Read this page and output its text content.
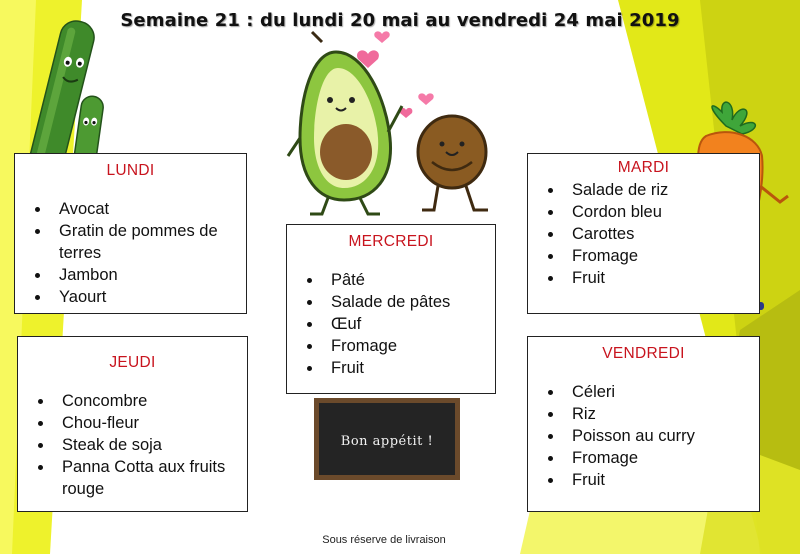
Semaine 21 : du lundi 20 mai au vendredi 24 mai 2019
LUNDI
• Avocat
• Gratin de pommes de terres
• Jambon
• Yaourt
MARDI
• Salade de riz
• Cordon bleu
• Carottes
• Fromage
• Fruit
MERCREDI
• Pâté
• Salade de pâtes
• Œuf
• Fromage
• Fruit
JEUDI
• Concombre
• Chou-fleur
• Steak de soja
• Panna Cotta aux fruits rouge
VENDREDI
• Céleri
• Riz
• Poisson au curry
• Fromage
• Fruit
Bon appétit !
Sous réserve de livraison
